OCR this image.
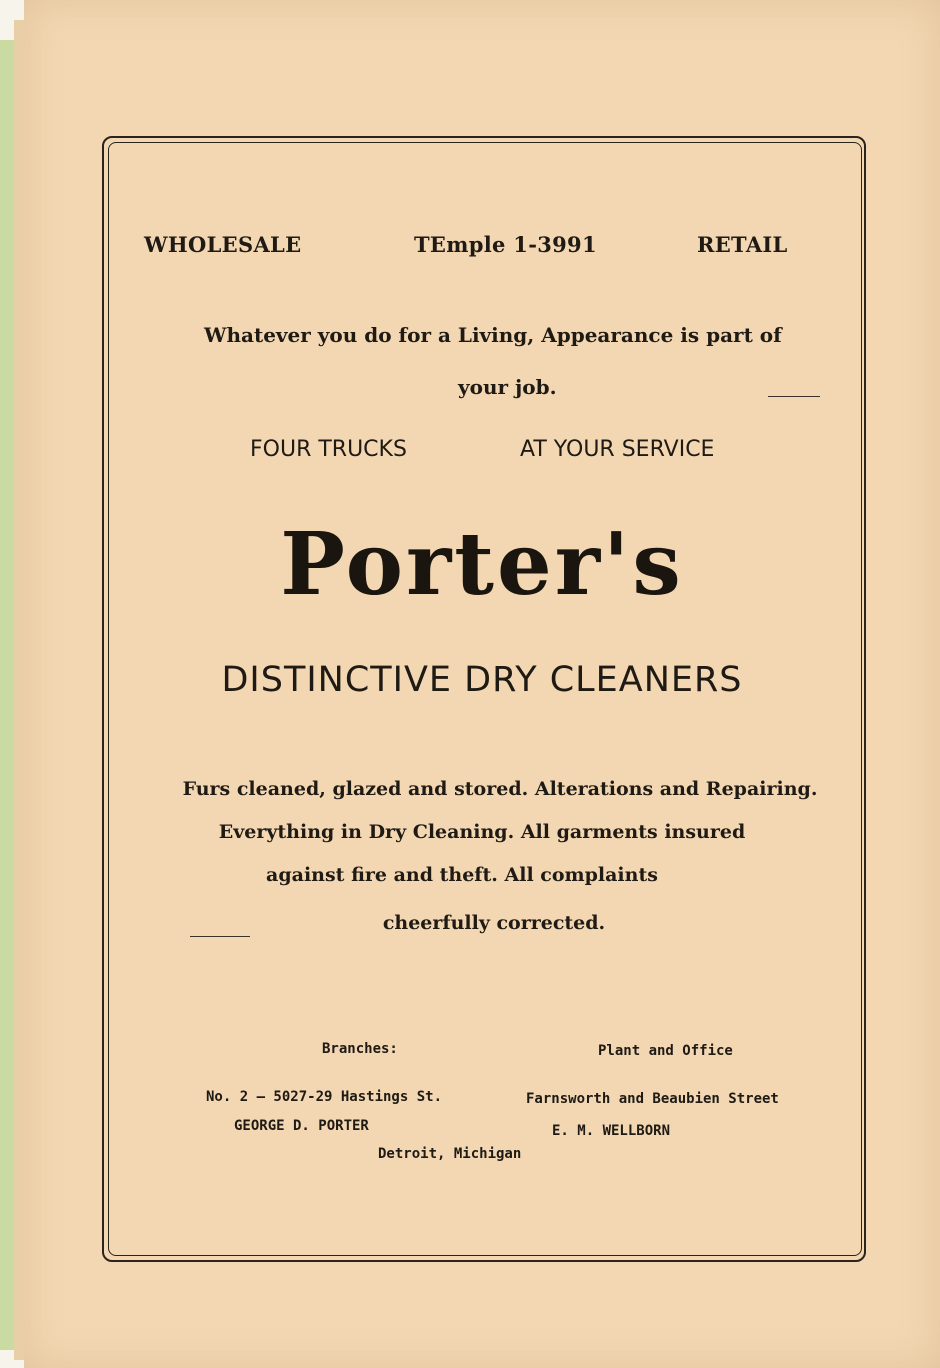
WHOLESALE	TEmple 1-3991	RETAIL
Whatever you do for a Living, Appearance is part of
your job.
FOUR TRUCKS	AT YOUR SERVICE
Porter's
DISTINCTIVE DRY CLEANERS
Furs cleaned, glazed and stored. Alterations and Repairing.
Everything in Dry Cleaning. All garments insured
against fire and theft. All complaints
cheerfully corrected.
Branches:	Plant and Office
No. 2 — 5027-29 Hastings St.	Farnsworth and Beaubien Street
GEORGE D. PORTER	E. M. WELLBORN
Detroit, Michigan
